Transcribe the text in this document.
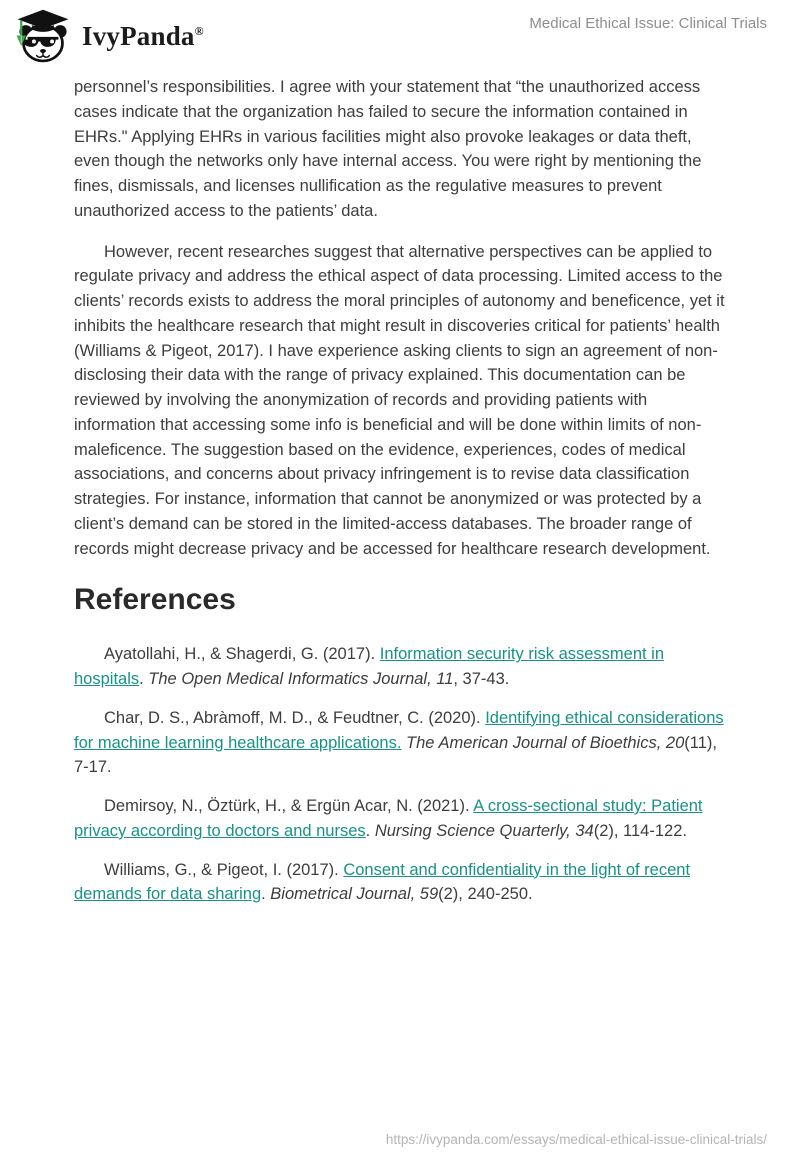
IvyPanda®	Medical Ethical Issue: Clinical Trials

personnel’s responsibilities. I agree with your statement that “the unauthorized access cases indicate that the organization has failed to secure the information contained in EHRs." Applying EHRs in various facilities might also provoke leakages or data theft, even though the networks only have internal access. You were right by mentioning the fines, dismissals, and licenses nullification as the regulative measures to prevent unauthorized access to the patients’ data.

However, recent researches suggest that alternative perspectives can be applied to regulate privacy and address the ethical aspect of data processing. Limited access to the clients’ records exists to address the moral principles of autonomy and beneficence, yet it inhibits the healthcare research that might result in discoveries critical for patients’ health (Williams & Pigeot, 2017). I have experience asking clients to sign an agreement of non-disclosing their data with the range of privacy explained. This documentation can be reviewed by involving the anonymization of records and providing patients with information that accessing some info is beneficial and will be done within limits of non-maleficence. The suggestion based on the evidence, experiences, codes of medical associations, and concerns about privacy infringement is to revise data classification strategies. For instance, information that cannot be anonymized or was protected by a client’s demand can be stored in the limited-access databases. The broader range of records might decrease privacy and be accessed for healthcare research development.

References

Ayatollahi, H., & Shagerdi, G. (2017). Information security risk assessment in hospitals. The Open Medical Informatics Journal, 11, 37-43.

Char, D. S., Abràmoff, M. D., & Feudtner, C. (2020). Identifying ethical considerations for machine learning healthcare applications. The American Journal of Bioethics, 20(11), 7-17.

Demirsoy, N., Öztürk, H., & Ergün Acar, N. (2021). A cross-sectional study: Patient privacy according to doctors and nurses. Nursing Science Quarterly, 34(2), 114-122.

Williams, G., & Pigeot, I. (2017). Consent and confidentiality in the light of recent demands for data sharing. Biometrical Journal, 59(2), 240-250.

https://ivypanda.com/essays/medical-ethical-issue-clinical-trials/
